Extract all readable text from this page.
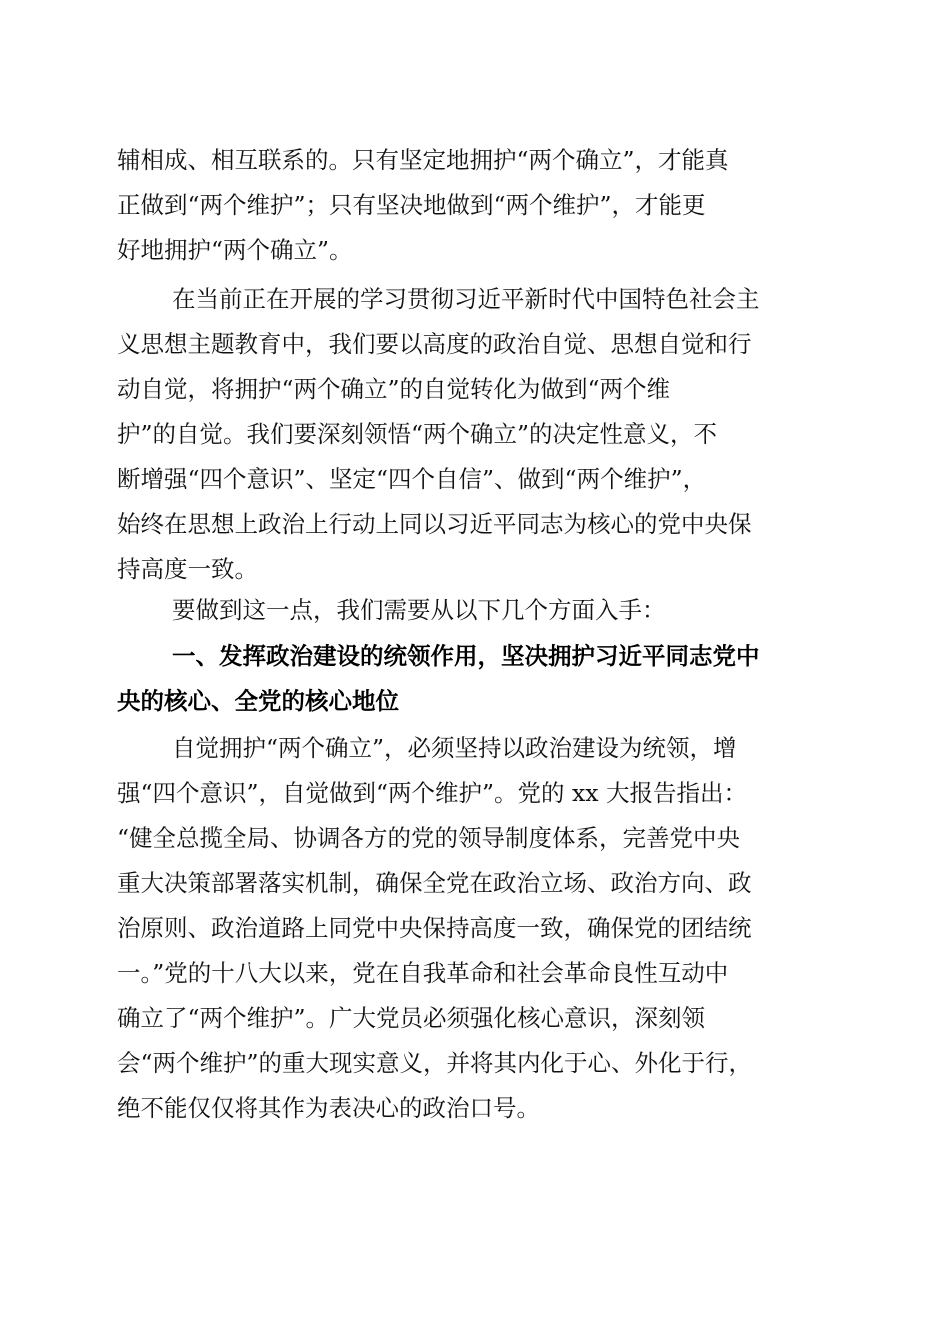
辅相成、相互联系的。只有坚定地拥护“两个确立”，才能真

正做到“两个维护”；只有坚决地做到“两个维护”，才能更

好地拥护“两个确立”。

在当前正在开展的学习贯彻习近平新时代中国特色社会主

义思想主题教育中，我们要以高度的政治自觉、思想自觉和行

动自觉，将拥护“两个确立”的自觉转化为做到“两个维

护”的自觉。我们要深刻领悟“两个确立”的决定性意义，不

断增强“四个意识”、坚定“四个自信”、做到“两个维护”，

始终在思想上政治上行动上同以习近平同志为核心的党中央保

持高度一致。

要做到这一点，我们需要从以下几个方面入手：

一、发挥政治建设的统领作用，坚决拥护习近平同志党中

央的核心、全党的核心地位

自觉拥护“两个确立”，必须坚持以政治建设为统领，增

强“四个意识”，自觉做到“两个维护”。党的 xx 大报告指出：

“健全总揽全局、协调各方的党的领导制度体系，完善党中央

重大决策部署落实机制，确保全党在政治立场、政治方向、政

治原则、政治道路上同党中央保持高度一致，确保党的团结统

一。”党的十八大以来，党在自我革命和社会革命良性互动中

确立了“两个维护”。广大党员必须强化核心意识，深刻领

会“两个维护”的重大现实意义，并将其内化于心、外化于行，

绝不能仅仅将其作为表决心的政治口号。
